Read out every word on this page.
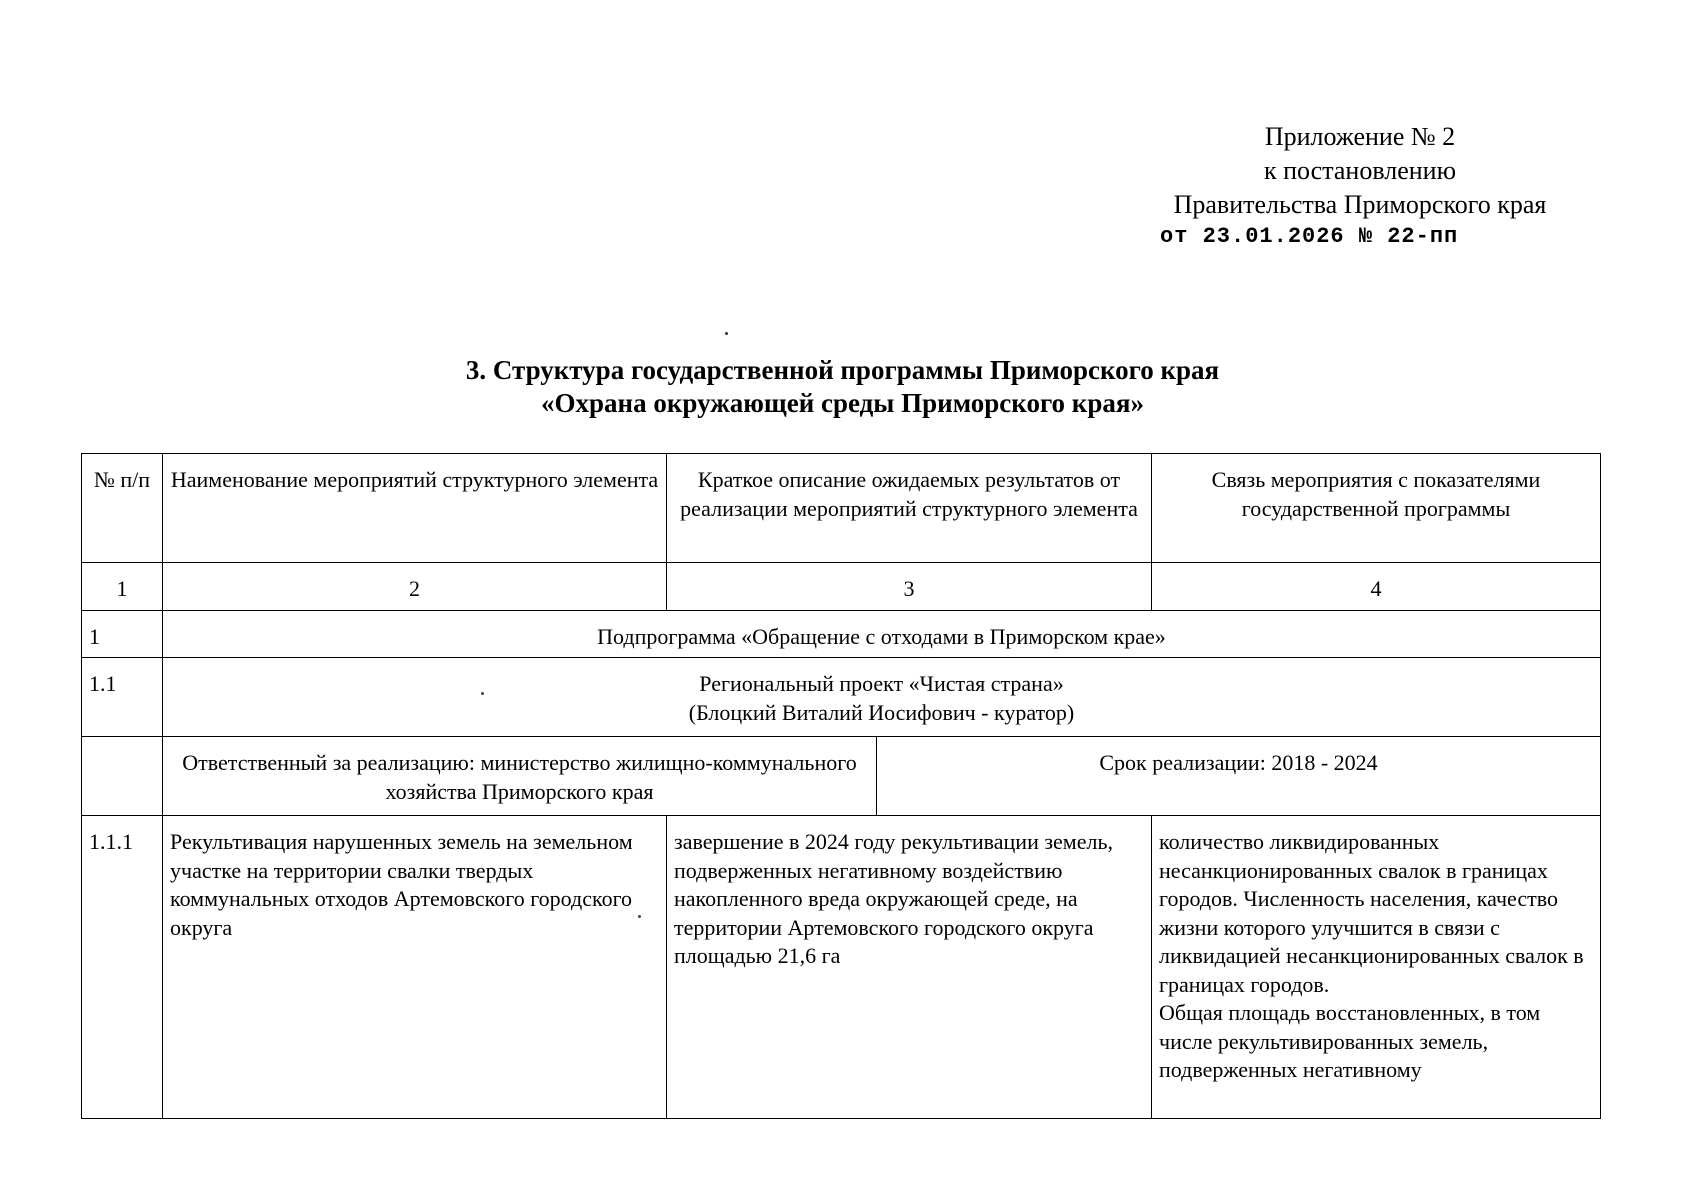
Приложение № 2
к постановлению
Правительства Приморского края
от 23.01.2026 № 22-пп
3. Структура государственной программы Приморского края
«Охрана окружающей среды Приморского края»
№ п/п	Наименование мероприятий структурного элемента	Краткое описание ожидаемых результатов от реализации мероприятий структурного элемента		Связь мероприятия с показателями государственной программы
1	2	3		4
1	Подпрограмма «Обращение с отходами в Приморском крае»			
1.1	Региональный проект «Чистая страна»
(Блоцкий Виталий Иосифович - куратор)			

	Ответственный за реализацию: министерство жилищно-коммунального хозяйства Приморского края		Срок реализации: 2018 - 2024	
1.1.1	Рекультивация нарушенных земель на земельном участке на территории свалки твердых коммунальных отходов Артемовского городского округа	завершение в 2024 году рекультивации земель, подверженных негативному воздействию накопленного вреда окружающей среде, на территории Артемовского городского округа площадью 21,6 га		количество ликвидированных несанкционированных свалок в границах городов. Численность населения, качество жизни которого улучшится в связи с ликвидацией несанкционированных свалок в границах городов.
Общая площадь восстановленных, в том числе рекультивированных земель, подверженных негативному
